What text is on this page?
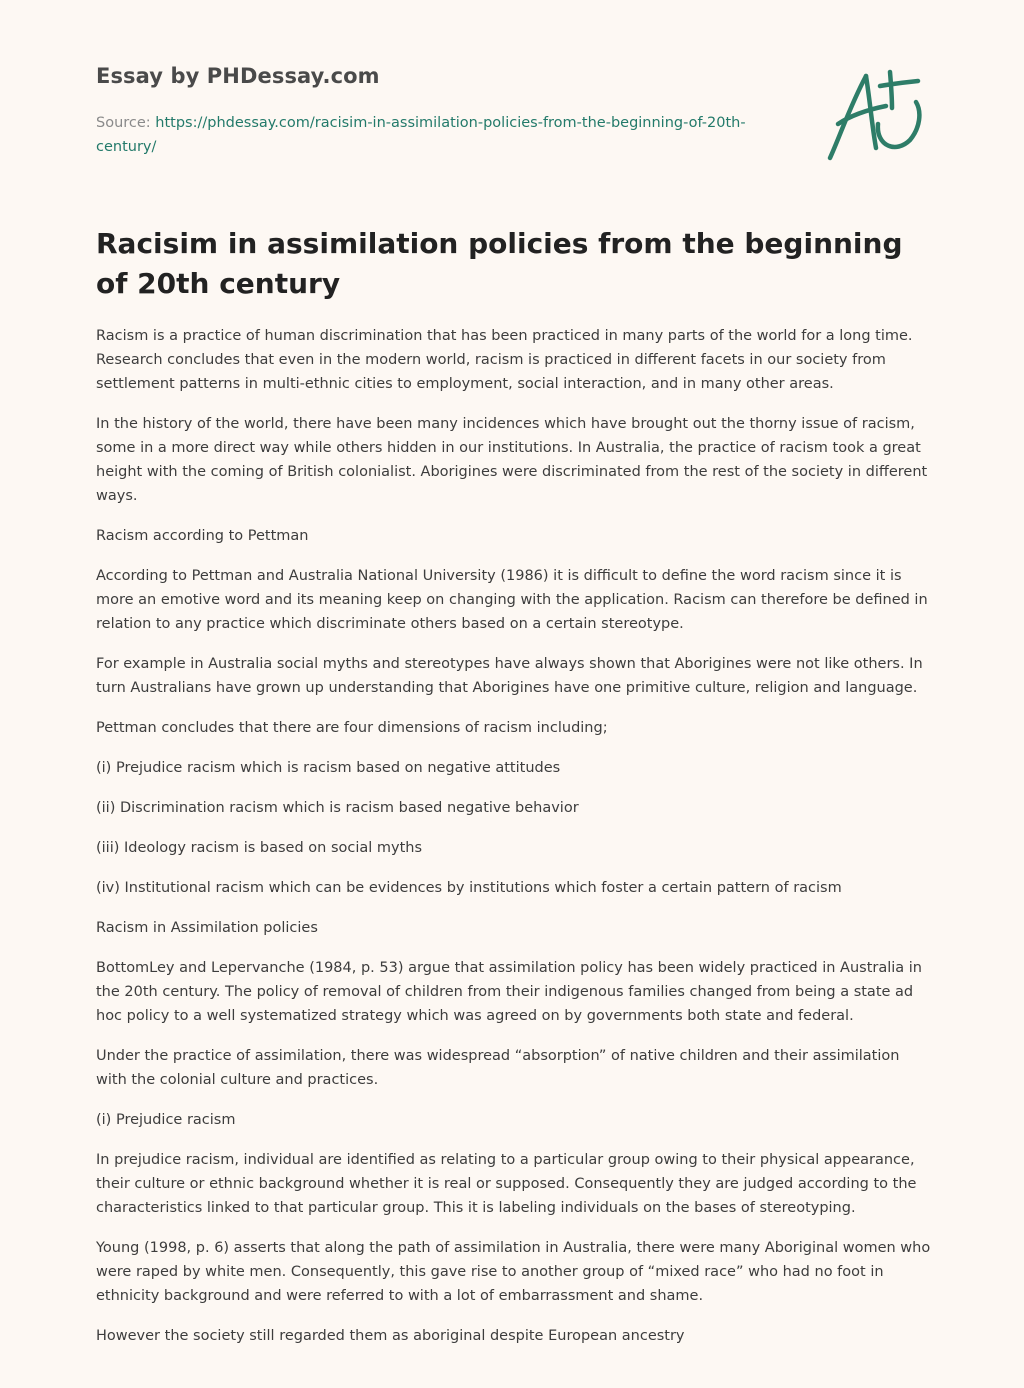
Essay by PHDessay.com
Source: https://phdessay.com/racisim-in-assimilation-policies-from-the-beginning-of-20th-century/
Racisim in assimilation policies from the beginning of 20th century

Racism is a practice of human discrimination that has been practiced in many parts of the world for a long time. Research concludes that even in the modern world, racism is practiced in different facets in our society from settlement patterns in multi-ethnic cities to employment, social interaction, and in many other areas.

In the history of the world, there have been many incidences which have brought out the thorny issue of racism, some in a more direct way while others hidden in our institutions. In Australia, the practice of racism took a great height with the coming of British colonialist. Aborigines were discriminated from the rest of the society in different ways.

Racism according to Pettman

According to Pettman and Australia National University (1986) it is difficult to define the word racism since it is more an emotive word and its meaning keep on changing with the application. Racism can therefore be defined in relation to any practice which discriminate others based on a certain stereotype.

For example in Australia social myths and stereotypes have always shown that Aborigines were not like others. In turn Australians have grown up understanding that Aborigines have one primitive culture, religion and language.

Pettman concludes that there are four dimensions of racism including;

(i) Prejudice racism which is racism based on negative attitudes

(ii) Discrimination racism which is racism based negative behavior

(iii) Ideology racism is based on social myths

(iv) Institutional racism which can be evidences by institutions which foster a certain pattern of racism

Racism in Assimilation policies

BottomLey and Lepervanche (1984, p. 53) argue that assimilation policy has been widely practiced in Australia in the 20th century. The policy of removal of children from their indigenous families changed from being a state ad hoc policy to a well systematized strategy which was agreed on by governments both state and federal.

Under the practice of assimilation, there was widespread “absorption” of native children and their assimilation with the colonial culture and practices.

(i) Prejudice racism

In prejudice racism, individual are identified as relating to a particular group owing to their physical appearance, their culture or ethnic background whether it is real or supposed. Consequently they are judged according to the characteristics linked to that particular group. This it is labeling individuals on the bases of stereotyping.

Young (1998, p. 6) asserts that along the path of assimilation in Australia, there were many Aboriginal women who were raped by white men. Consequently, this gave rise to another group of “mixed race” who had no foot in ethnicity background and were referred to with a lot of embarrassment and shame.

However the society still regarded them as aboriginal despite European ancestry
